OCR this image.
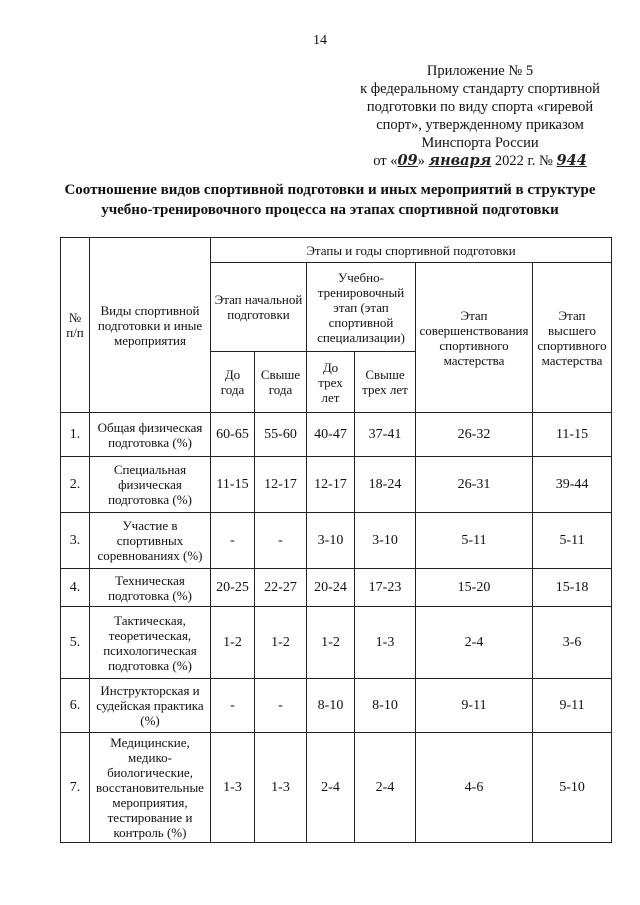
14
Приложение № 5
к федеральному стандарту спортивной
подготовки по виду спорта «гиревой
спорт», утвержденному приказом
Минспорта России
от «09» января 2022 г. № 944
Соотношение видов спортивной подготовки и иных мероприятий в структуре
учебно-тренировочного процесса на этапах спортивной подготовки
№ п/п	Виды спортивной подготовки и иные мероприятия	Этапы и годы спортивной подготовки					
		Этап начальной подготовки		Учебно-тренировочный этап (этап спортивной специализации)		Этап совершенствования спортивного мастерства	Этап высшего спортивного мастерства
		До года	Свыше года	До трех лет	Свыше трех лет		
1.	Общая физическая подготовка (%)	60-65	55-60	40-47	37-41	26-32	11-15
2.	Специальная физическая подготовка (%)	11-15	12-17	12-17	18-24	26-31	39-44
3.	Участие в спортивных соревнованиях (%)	-	-	3-10	3-10	5-11	5-11
4.	Техническая подготовка (%)	20-25	22-27	20-24	17-23	15-20	15-18
5.	Тактическая, теоретическая, психологическая подготовка (%)	1-2	1-2	1-2	1-3	2-4	3-6
6.	Инструкторская и судейская практика (%)	-	-	8-10	8-10	9-11	9-11
7.	Медицинские, медико-биологические, восстановительные мероприятия, тестирование и контроль (%)	1-3	1-3	2-4	2-4	4-6	5-10
